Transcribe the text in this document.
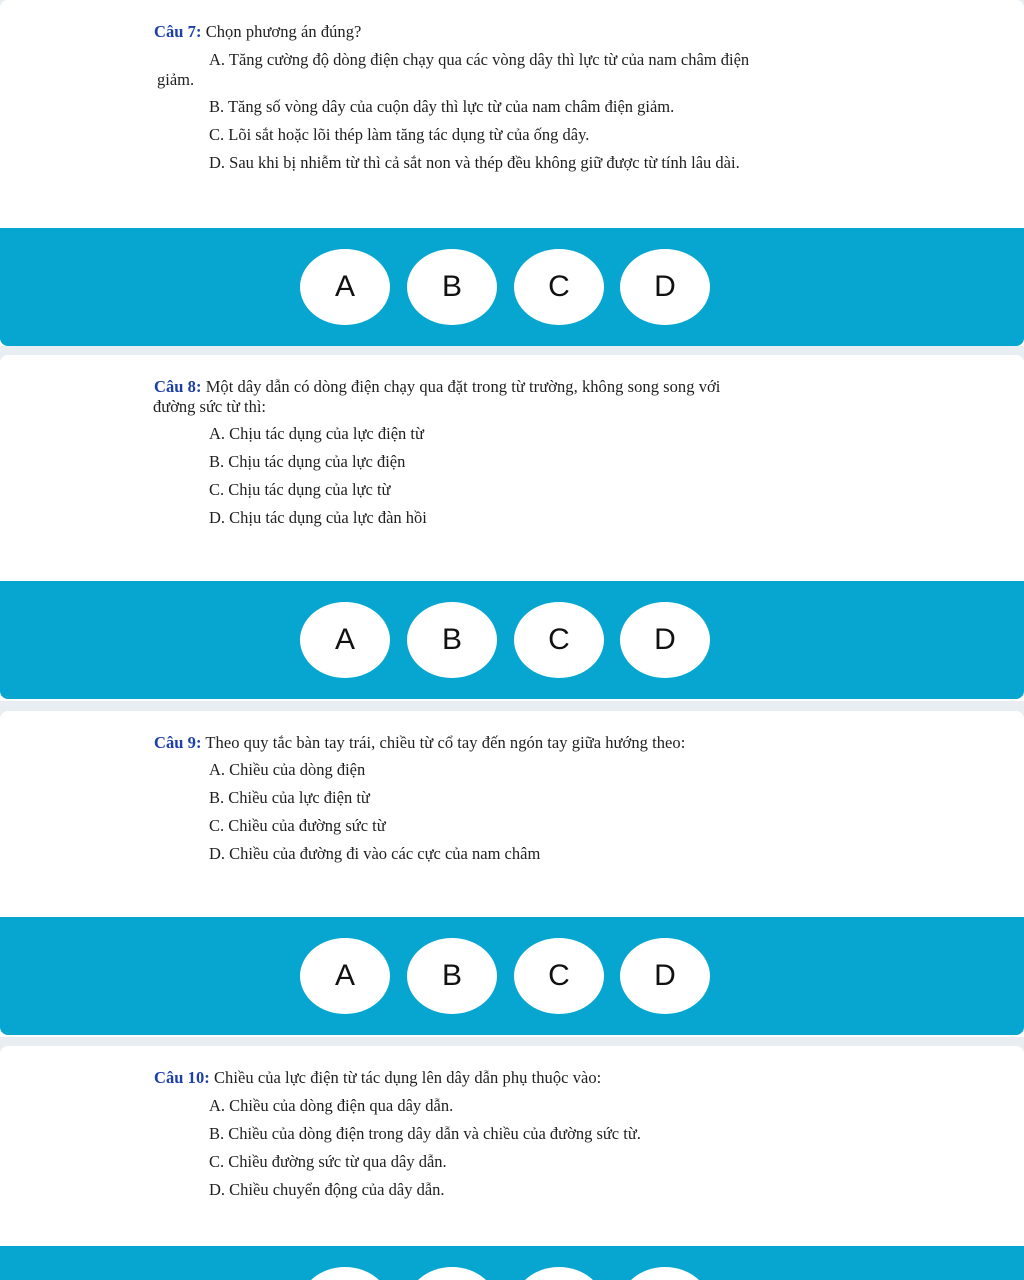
Câu 7: Chọn phương án đúng?
A. Tăng cường độ dòng điện chạy qua các vòng dây thì lực từ của nam châm điện
giảm.
B. Tăng số vòng dây của cuộn dây thì lực từ của nam châm điện giảm.
C. Lõi sắt hoặc lõi thép làm tăng tác dụng từ của ống dây.
D. Sau khi bị nhiễm từ thì cả sắt non và thép đều không giữ được từ tính lâu dài.
A	B	C	D
Câu 8: Một dây dẫn có dòng điện chạy qua đặt trong từ trường, không song song với
đường sức từ thì:
A. Chịu tác dụng của lực điện từ
B. Chịu tác dụng của lực điện
C. Chịu tác dụng của lực từ
D. Chịu tác dụng của lực đàn hồi
A	B	C	D
Câu 9: Theo quy tắc bàn tay trái, chiều từ cổ tay đến ngón tay giữa hướng theo:
A. Chiều của dòng điện
B. Chiều của lực điện từ
C. Chiều của đường sức từ
D. Chiều của đường đi vào các cực của nam châm
A	B	C	D
Câu 10: Chiều của lực điện từ tác dụng lên dây dẫn phụ thuộc vào:
A. Chiều của dòng điện qua dây dẫn.
B. Chiều của dòng điện trong dây dẫn và chiều của đường sức từ.
C. Chiều đường sức từ qua dây dẫn.
D. Chiều chuyển động của dây dẫn.
